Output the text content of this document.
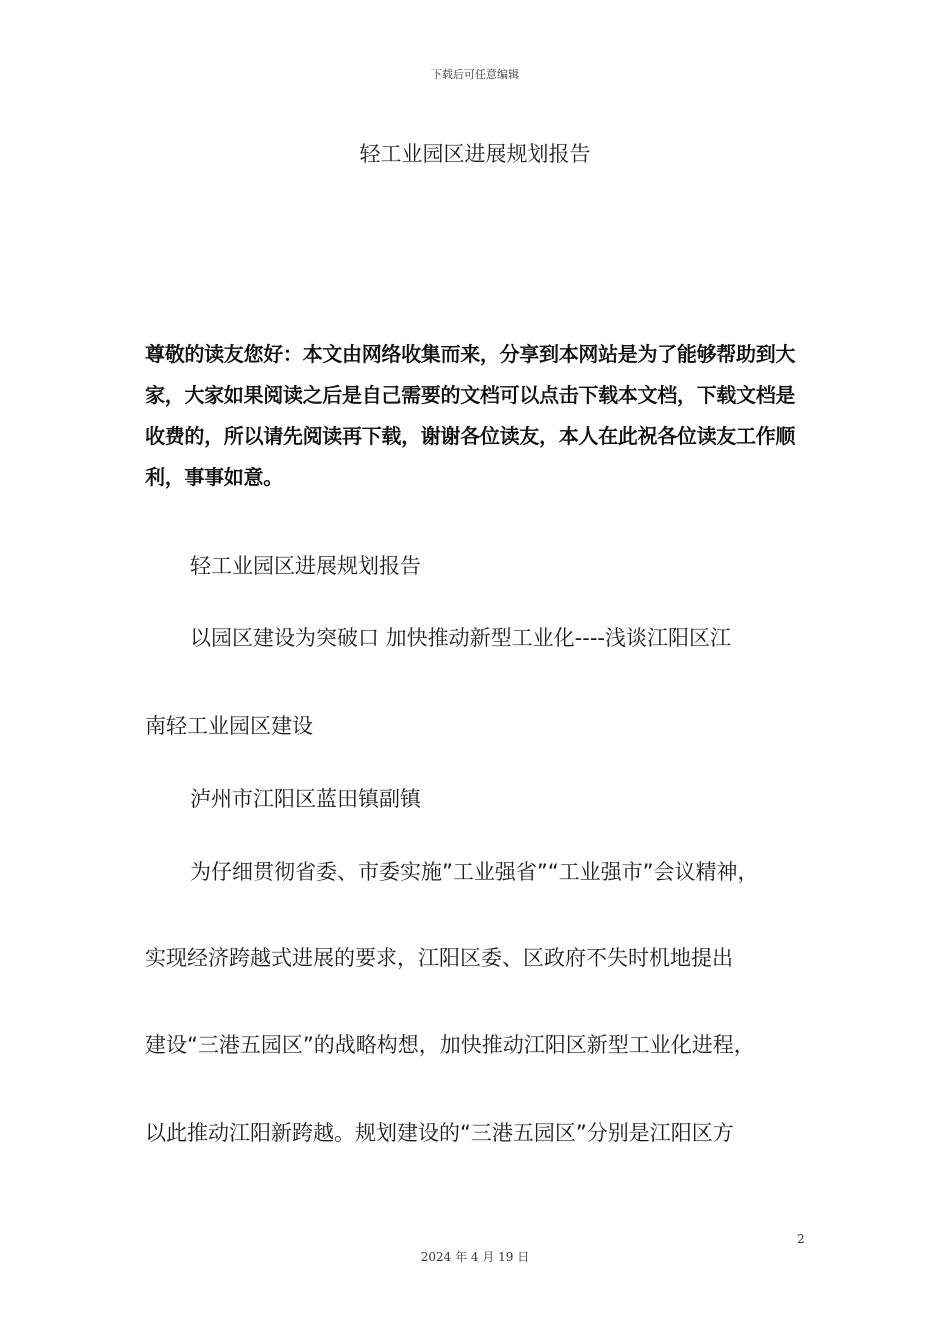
下载后可任意编辑
轻工业园区进展规划报告
尊敬的读友您好：本文由网络收集而来，分享到本网站是为了能够帮助到大
家，大家如果阅读之后是自己需要的文档可以点击下载本文档，下载文档是
收费的，所以请先阅读再下载，谢谢各位读友，本人在此祝各位读友工作顺
利，事事如意。
轻工业园区进展规划报告
以园区建设为突破口 加快推动新型工业化----浅谈江阳区江
南轻工业园区建设
泸州市江阳区蓝田镇副镇
为仔细贯彻省委、市委实施”工业强省”“工业强市”会议精神，
实现经济跨越式进展的要求，江阳区委、区政府不失时机地提出
建设“三港五园区”的战略构想，加快推动江阳区新型工业化进程，
以此推动江阳新跨越。规划建设的“三港五园区”分别是江阳区方
2
2024 年 4 月 19 日
